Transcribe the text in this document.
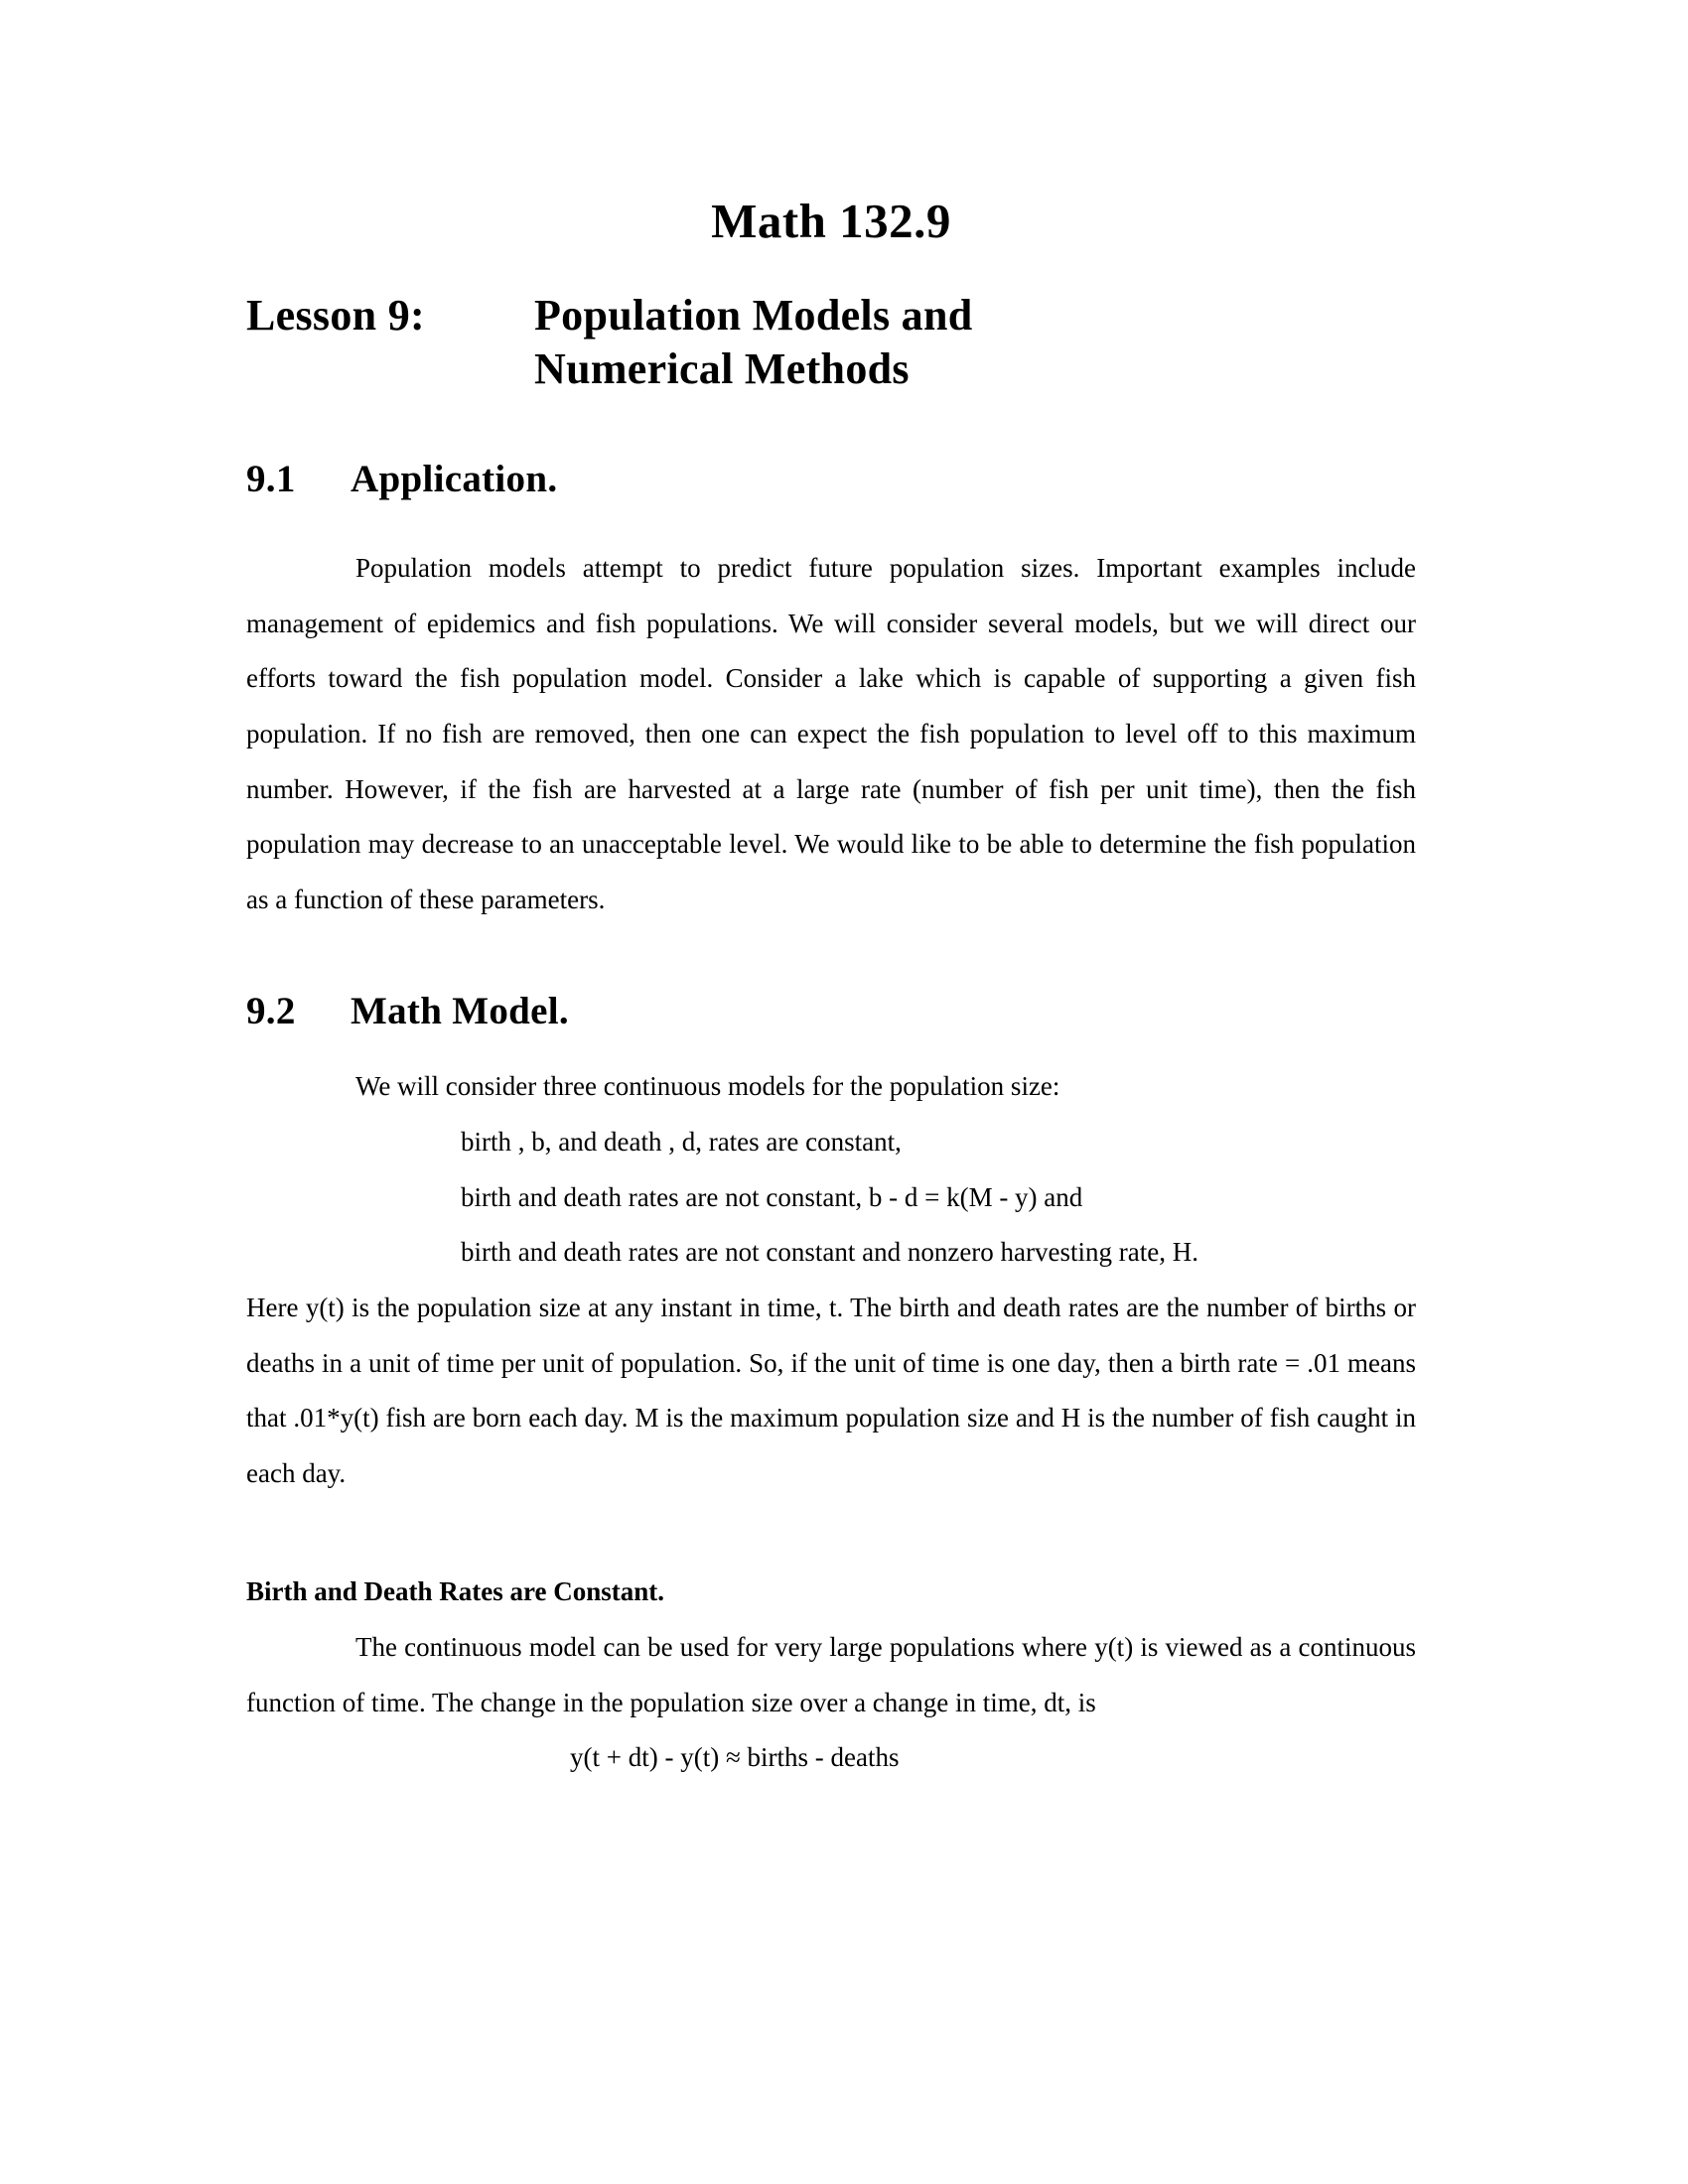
Math 132.9
Lesson 9:	Population Models and
Numerical Methods
9.1	Application.

Population models attempt to predict future population sizes. Important examples include management of epidemics and fish populations. We will consider several models, but we will direct our efforts toward the fish population model. Consider a lake which is capable of supporting a given fish population. If no fish are removed, then one can expect the fish population to level off to this maximum number. However, if the fish are harvested at a large rate (number of fish per unit time), then the fish population may decrease to an unacceptable level. We would like to be able to determine the fish population as a function of these parameters.

9.2	Math Model.

We will consider three continuous models for the population size:

birth , b, and death , d, rates are constant,
birth and death rates are not constant, b - d = k(M - y) and
birth and death rates are not constant and nonzero harvesting rate, H.

Here y(t) is the population size at any instant in time, t. The birth and death rates are the number of births or deaths in a unit of time per unit of population. So, if the unit of time is one day, then a birth rate = .01 means that .01*y(t) fish are born each day. M is the maximum population size and H is the number of fish caught in each day.

Birth and Death Rates are Constant.

The continuous model can be used for very large populations where y(t) is viewed as a continuous function of time. The change in the population size over a change in time, dt, is

y(t + dt) - y(t) ≈ births - deaths
